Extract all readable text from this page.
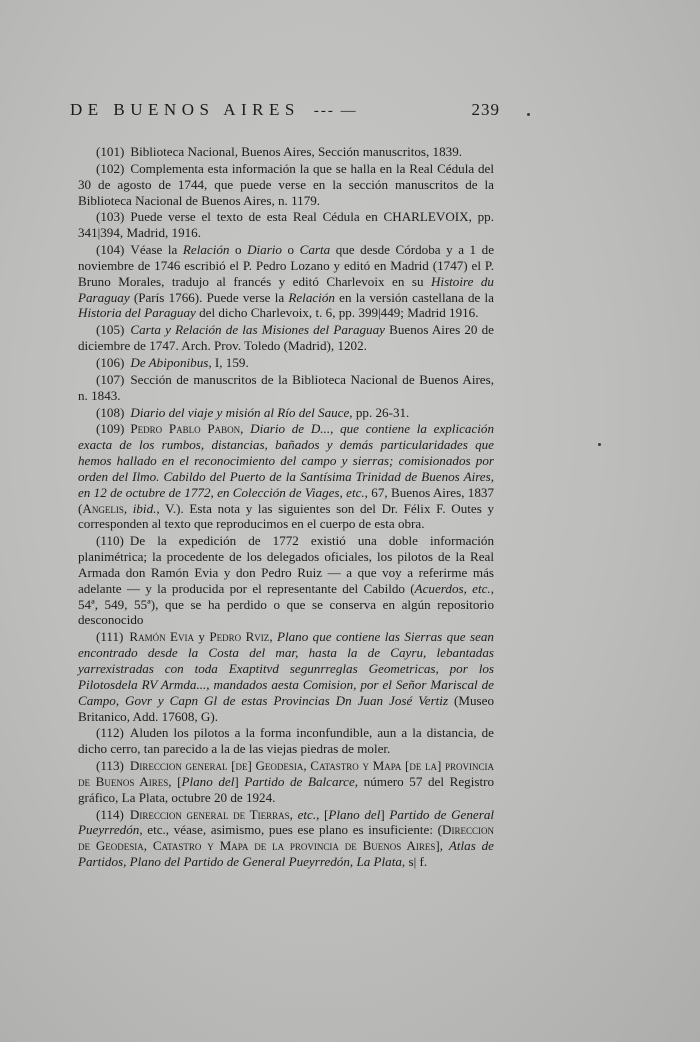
DE BUENOS AIRES --- —	239

(101) Biblioteca Nacional, Buenos Aires, Sección manuscritos, 1839.

(102) Complementa esta información la que se halla en la Real Cédula del 30 de agosto de 1744, que puede verse en la sección manuscritos de la Biblioteca Nacional de Buenos Aires, n. 1179.

(103) Puede verse el texto de esta Real Cédula en CHARLEVOIX, pp. 341|394, Madrid, 1916.

(104) Véase la Relación o Diario o Carta que desde Córdoba y a 1 de noviembre de 1746 escribió el P. Pedro Lozano y editó en Madrid (1747) el P. Bruno Morales, tradujo al francés y editó Charlevoix en su Histoire du Paraguay (París 1766). Puede verse la Relación en la versión castellana de la Historia del Paraguay del dicho Charlevoix, t. 6, pp. 399|449; Madrid 1916.

(105) Carta y Relación de las Misiones del Paraguay Buenos Aires 20 de diciembre de 1747. Arch. Prov. Toledo (Madrid), 1202.

(106) De Abiponibus, I, 159.

(107) Sección de manuscritos de la Biblioteca Nacional de Buenos Aires, n. 1843.

(108) Diario del viaje y misión al Río del Sauce, pp. 26-31.

(109) Pedro Pablo Pabon, Diario de D..., que contiene la explicación exacta de los rumbos, distancias, bañados y demás particularidades que hemos hallado en el reconocimiento del campo y sierras; comisionados por orden del Ilmo. Cabildo del Puerto de la Santísima Trinidad de Buenos Aires, en 12 de octubre de 1772, en Colección de Viages, etc., 67, Buenos Aires, 1837 (Angelis, ibid., V.). Esta nota y las siguientes son del Dr. Félix F. Outes y corresponden al texto que reproducimos en el cuerpo de esta obra.

(110) De la expedición de 1772 existió una doble información planimétrica; la procedente de los delegados oficiales, los pilotos de la Real Armada don Ramón Evia y don Pedro Ruiz — a que voy a referirme más adelante — y la producida por el representante del Cabildo (Acuerdos, etc., 54ª, 549, 55ª), que se ha perdido o que se conserva en algún repositorio desconocido

(111) Ramón Evia y Pedro Rviz, Plano que contiene las Sierras que sean encontrado desde la Costa del mar, hasta la de Cayru, lebantadas yarrexistradas con toda Exaptitvd segunrreglas Geometricas, por los Pilotosdela RV Armda..., mandados aesta Comision, por el Señor Mariscal de Campo, Govr y Capn Gl de estas Provincias Dn Juan José Vertiz (Museo Britanico, Add. 17608, G).

(112) Aluden los pilotos a la forma inconfundible, aun a la distancia, de dicho cerro, tan parecido a la de las viejas piedras de moler.

(113) Direccion general [de] Geodesia, Catastro y Mapa [de la] provincia de Buenos Aires, [Plano del] Partido de Balcarce, número 57 del Registro gráfico, La Plata, octubre 20 de 1924.

(114) Direccion general de Tierras, etc., [Plano del] Partido de General Pueyrredón, etc., véase, asimismo, pues ese plano es insuficiente: (Direccion de Geodesia, Catastro y Mapa de la provincia de Buenos Aires], Atlas de Partidos, Plano del Partido de General Pueyrredón, La Plata, s| f.
